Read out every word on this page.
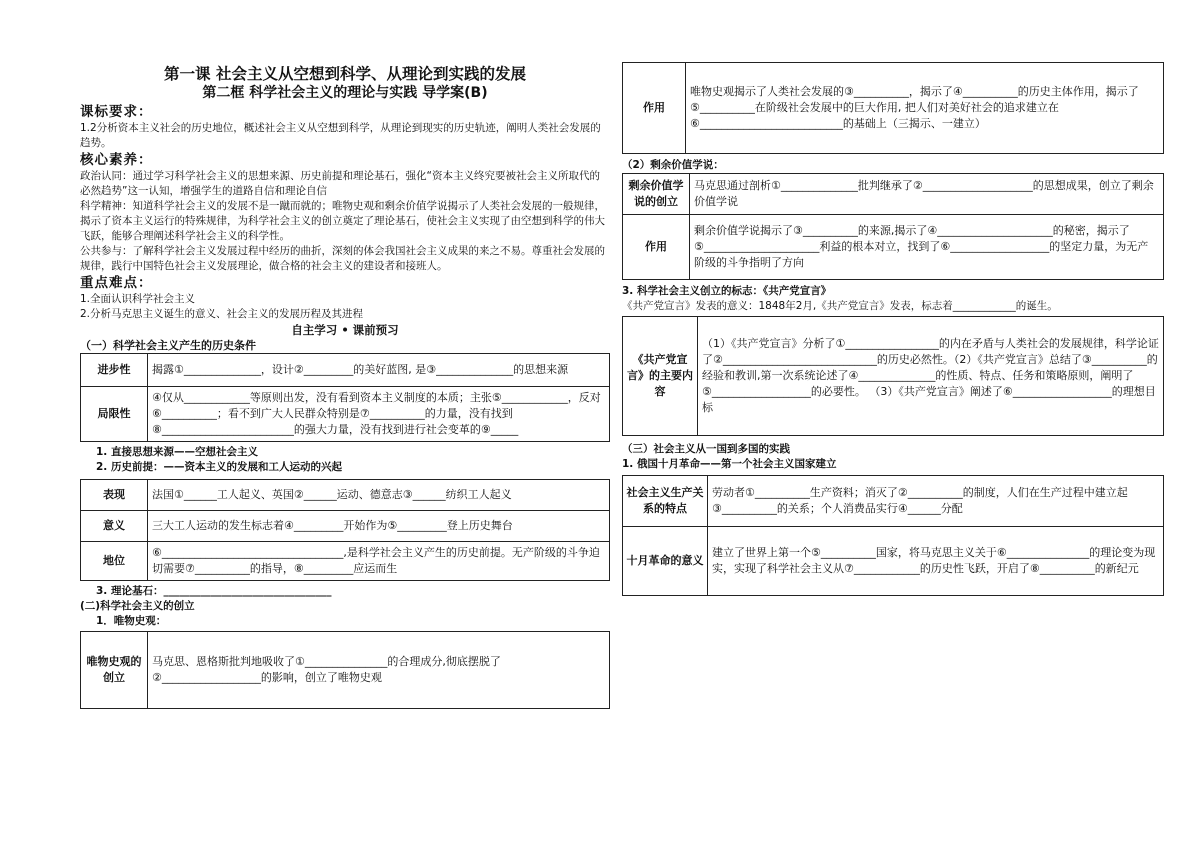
第一课 社会主义从空想到科学、从理论到实践的发展
第二框 科学社会主义的理论与实践 导学案(B)
课标要求：
1.2分析资本主义社会的历史地位，概述社会主义从空想到科学，从理论到现实的历史轨迹，阐明人类社会发展的趋势。
核心素养：
政治认同：通过学习科学社会主义的思想来源、历史前提和理论基石，强化“资本主义终究要被社会主义所取代的必然趋势”这一认知，增强学生的道路自信和理论自信
科学精神：知道科学社会主义的发展不是一蹴而就的；唯物史观和剩余价值学说揭示了人类社会发展的一般规律，揭示了资本主义运行的特殊规律，为科学社会主义的创立奠定了理论基石，使社会主义实现了由空想到科学的伟大飞跃，能够合理阐述科学社会主义的科学性。
公共参与：了解科学社会主义发展过程中经历的曲折，深刻的体会我国社会主义成果的来之不易。尊重社会发展的规律，践行中国特色社会主义发展理论，做合格的社会主义的建设者和接班人。
重点难点：
1.全面认识科学社会主义
2.分析马克思主义诞生的意义、社会主义的发展历程及其进程
自主学习 • 课前预习
（一）科学社会主义产生的历史条件
进步性	揭露①______________，设计②_________的美好蓝图, 是③______________的思想来源
局限性	④仅从____________等原则出发，没有看到资本主义制度的本质；主张⑤____________，反对⑥__________；看不到广大人民群众特别是⑦__________的力量，没有找到⑧________________________的强大力量，没有找到进行社会变革的⑨_____
1. 直接思想来源——空想社会主义
2. 历史前提：——资本主义的发展和工人运动的兴起
表现	法国①______工人起义、英国②______运动、德意志③______纺织工人起义
意义	三大工人运动的发生标志着④_________开始作为⑤_________登上历史舞台
地位	⑥_________________________________,是科学社会主义产生的历史前提。无产阶级的斗争迫切需要⑦__________的指导，⑧_________应运而生
3. 理论基石：________________________________
(二)科学社会主义的创立
1．唯物史观：
唯物史观的创立	马克思、恩格斯批判地吸收了①_______________的合理成分,彻底摆脱了②__________________的影响，创立了唯物史观
作用	唯物史观揭示了人类社会发展的③__________，揭示了④__________的历史主体作用，揭示了⑤__________在阶级社会发展中的巨大作用, 把人们对美好社会的追求建立在⑥__________________________的基础上（三揭示、一建立）
（2）剩余价值学说：
剩余价值学说的创立	马克思通过剖析①______________批判继承了②____________________的思想成果，创立了剩余价值学说
作用	剩余价值学说揭示了③__________的来源,揭示了④_____________________的秘密，揭示了⑤_____________________利益的根本对立，找到了⑥__________________的坚定力量，为无产阶级的斗争指明了方向
3. 科学社会主义创立的标志：《共产党宣言》
《共产党宣言》发表的意义：1848年2月,《共产党宣言》发表，标志着____________的诞生。
《共产党宣言》的主要内容	（1）《共产党宣言》分析了①_________________的内在矛盾与人类社会的发展规律，科学论证了②____________________________的历史必然性。（2）《共产党宣言》总结了③__________的经验和教训,第一次系统论述了④______________的性质、特点、任务和策略原则，阐明了⑤__________________的必要性。 （3）《共产党宣言》阐述了⑥__________________的理想目标
（三）社会主义从一国到多国的实践
1. 俄国十月革命——第一个社会主义国家建立
社会主义生产关系的特点	劳动者①__________生产资料；消灭了②__________的制度，人们在生产过程中建立起③__________的关系；个人消费品实行④______分配
十月革命的意义	建立了世界上第一个⑤__________国家，将马克思主义关于⑥_______________的理论变为现实，实现了科学社会主义从⑦____________的历史性飞跃，开启了⑧__________的新纪元
